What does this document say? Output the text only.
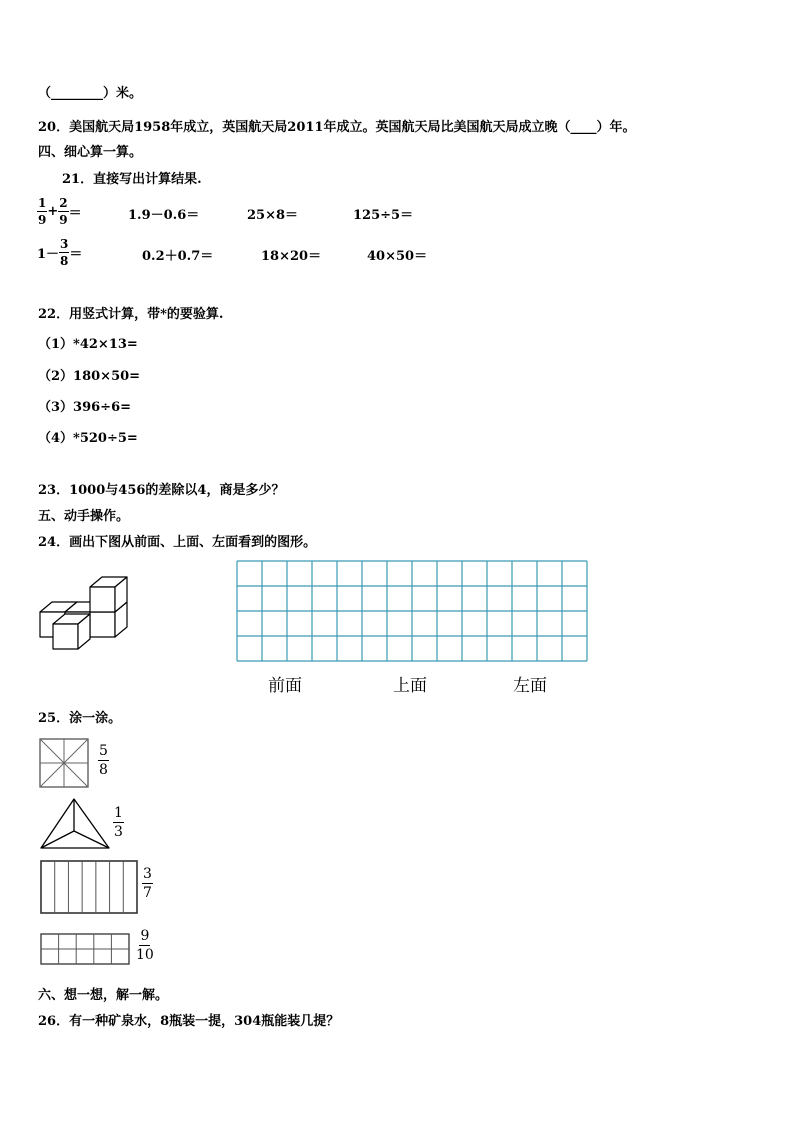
（________）米。
20．美国航天局1958年成立，英国航天局2011年成立。英国航天局比美国航天局成立晚（____）年。
四、细心算一算。
21．直接写出计算结果.
$\frac{1}{9} + \frac{2}{9}$ ＝	1.9－0.6＝	25×8＝	125÷5＝
$1- \frac{3}{8}$ ＝	0.2＋0.7＝	18×20＝	40×50＝
22．用竖式计算，带*的要验算.
（1）*42×13=
（2）180×50=
（3）396÷6=
（4）*520÷5=
23．1000与456的差除以4，商是多少？
五、动手操作。
24．画出下图从前面、上面、左面看到的图形。
前面	上面	左面
25．涂一涂。
$\frac{5}{8}$
$\frac{1}{3}$
$\frac{3}{7}$
$\frac{9}{10}$
六、想一想，解一解。
26．有一种矿泉水，8瓶装一提，304瓶能装几提？
